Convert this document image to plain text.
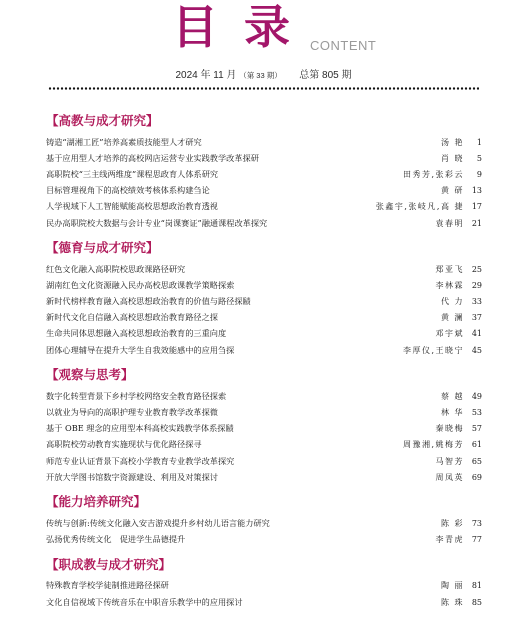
目录
CONTENT
2024 年 11 月 （第 33 期） 总第 805 期
【高教与成才研究】
铸造“湖湘工匠”培养高素质技能型人才研究	汤 艳	1
基于应用型人才培养的高校网店运营专业实践教学改革探研	肖 晓	5
高职院校“三主线两维度”课程思政育人体系研究	田秀芳,张彩云	9
目标管理视角下的高校绩效考核体系构建刍论	黄 研 13
人学视域下人工智能赋能高校思想政治教育透视	张鑫宇,张岐凡,高 捷 17
民办高职院校大数据与会计专业“岗课赛证”融通课程改革探究	袁春明 21
【德育与成才研究】
红色文化融入高职院校思政课路径研究	郑亚飞 25
湖南红色文化资源融入民办高校思政课教学策略探索	李林霖 29
新时代榜样教育融入高校思想政治教育的价值与路径探赜	代 力 33
新时代文化自信融入高校思想政治教育路径之探	黄 澜 37
生命共同体思想融入高校思想政治教育的三重向度	邓宇斌 41
团体心理辅导在提升大学生自我效能感中的应用刍探	李厚仪,王晓宁 45
【观察与思考】
数字化转型背景下乡村学校网络安全教育路径探索	蔡 越 49
以就业为导向的高职护理专业教育教学改革探微	林 华 53
基于 OBE 理念的应用型本科高校实践教学体系探赜	秦晓梅 57
高职院校劳动教育实施现状与优化路径探寻	周豫湘,姚梅芳 61
师范专业认证背景下高校小学教育专业教学改革探究	马智芳 65
开放大学图书馆数字资源建设、利用及对策探讨	周凤英 69
【能力培养研究】
传统与创新:传统文化融入安吉游戏提升乡村幼儿语言能力研究	陈 彩 73
弘扬优秀传统文化　促进学生品德提升	李青虎 77
【职成教与成才研究】
特殊教育学校学徒制推进路径探研	陶 丽 81
文化自信视域下传统音乐在中职音乐教学中的应用探讨	陈 珠 85
